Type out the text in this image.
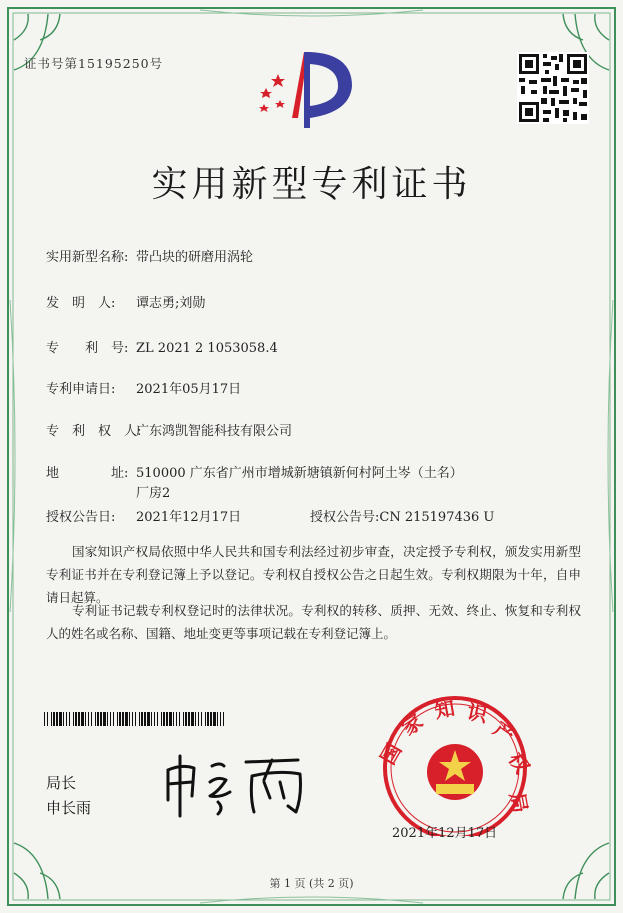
证书号第15195250号
实用新型专利证书
实用新型名称: 带凸块的研磨用涡轮
发　明　人: 谭志勇;刘勋
专　　利　号: ZL 2021 2 1053058.4
专利申请日: 2021年05月17日
专　利　权　人:广东鸿凯智能科技有限公司
地　　　　址: 510000 广东省广州市增城新塘镇新何村阿土岑（土名）
厂房2
授权公告日: 2021年12月17日	授权公告号:CN 215197436 U
国家知识产权局依照中华人民共和国专利法经过初步审查，决定授予专利权，颁发实用新型专利证书并在专利登记簿上予以登记。专利权自授权公告之日起生效。专利权期限为十年，自申请日起算。
专利证书记载专利权登记时的法律状况。专利权的转移、质押、无效、终止、恢复和专利权人的姓名或名称、国籍、地址变更等事项记载在专利登记簿上。
局长
申长雨
国
家 知 识
产
权
局
2021年12月17日
第 1 页 (共 2 页)
